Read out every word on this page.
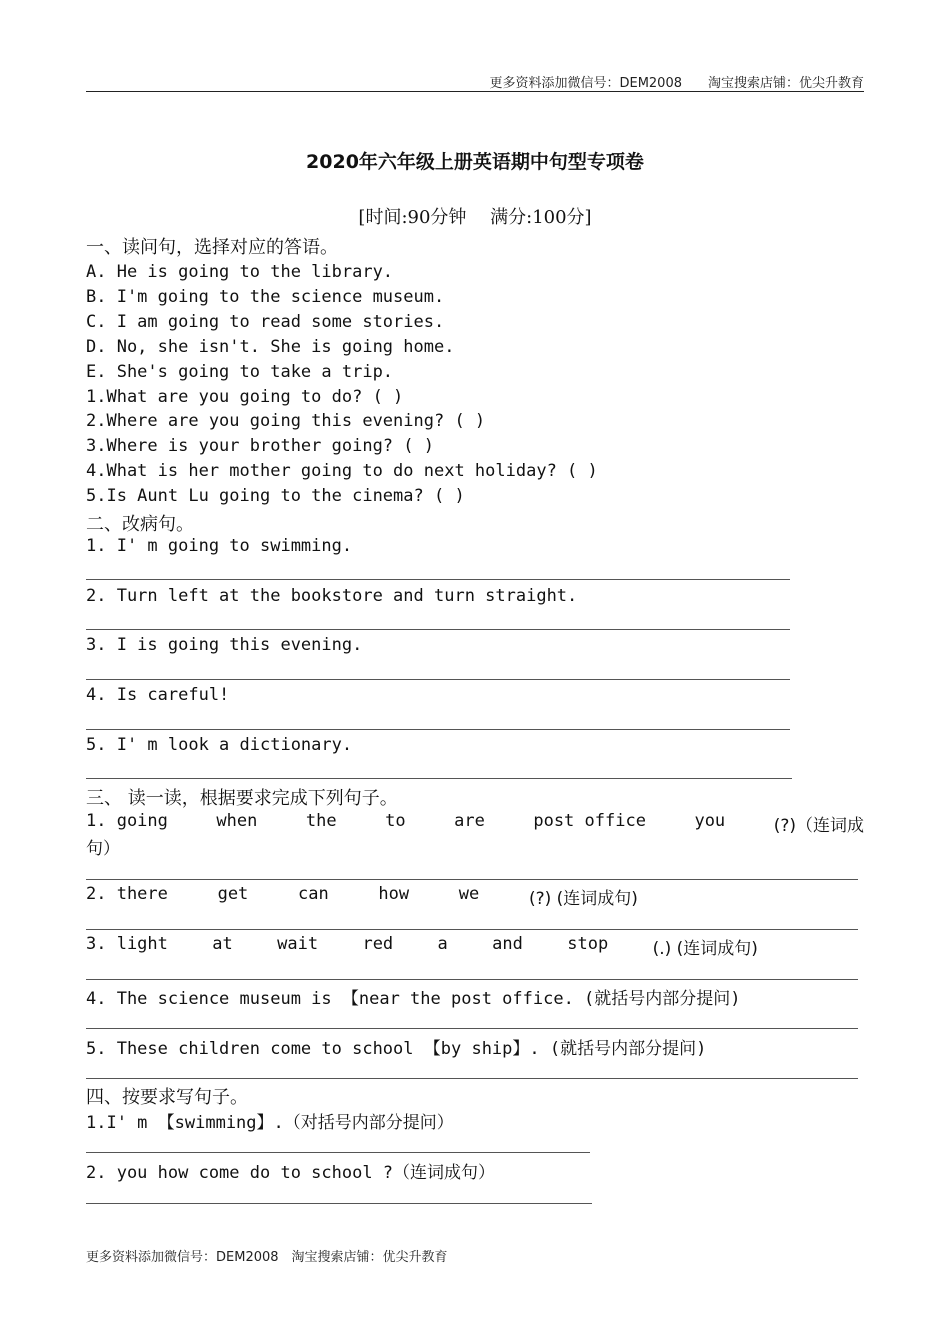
更多资料添加微信号：DEM2008　　淘宝搜索店铺：优尖升教育
2020年六年级上册英语期中句型专项卷
[时间:90分钟　 满分:100分]
一、读问句，选择对应的答语。
A. He is going to the library.
B. I'm going to the science museum.
C. I am going to read some stories.
D. No, she isn't. She is going home.
E. She's going to take a trip.
1.What are you going to do? ( )
2.Where are you going this evening? ( )
3.Where is your brother going? ( )
4.What is her mother going to do next holiday? ( )
5.Is Aunt Lu going to the cinema? ( )
二、改病句。
1. I' m going to swimming.
2. Turn left at the bookstore and turn straight.
3. I is going this evening.
4. Is careful!
5. I' m look a dictionary.
三、 读一读，根据要求完成下列句子。
1. going	when	the	to	are	post office	you	(?)（连词成
句）
2. there	get	can	how	we	(?) (连词成句)
3. light	at	wait	red	a	and	stop	(.) (连词成句)
4. The science museum is 【near the post office. (就括号内部分提问)
5. These children come to school 【by ship】. (就括号内部分提问)
四、按要求写句子。
1.I' m 【swimming】.（对括号内部分提问）
2. you how come do to school ?（连词成句）
更多资料添加微信号：DEM2008　淘宝搜索店铺：优尖升教育
